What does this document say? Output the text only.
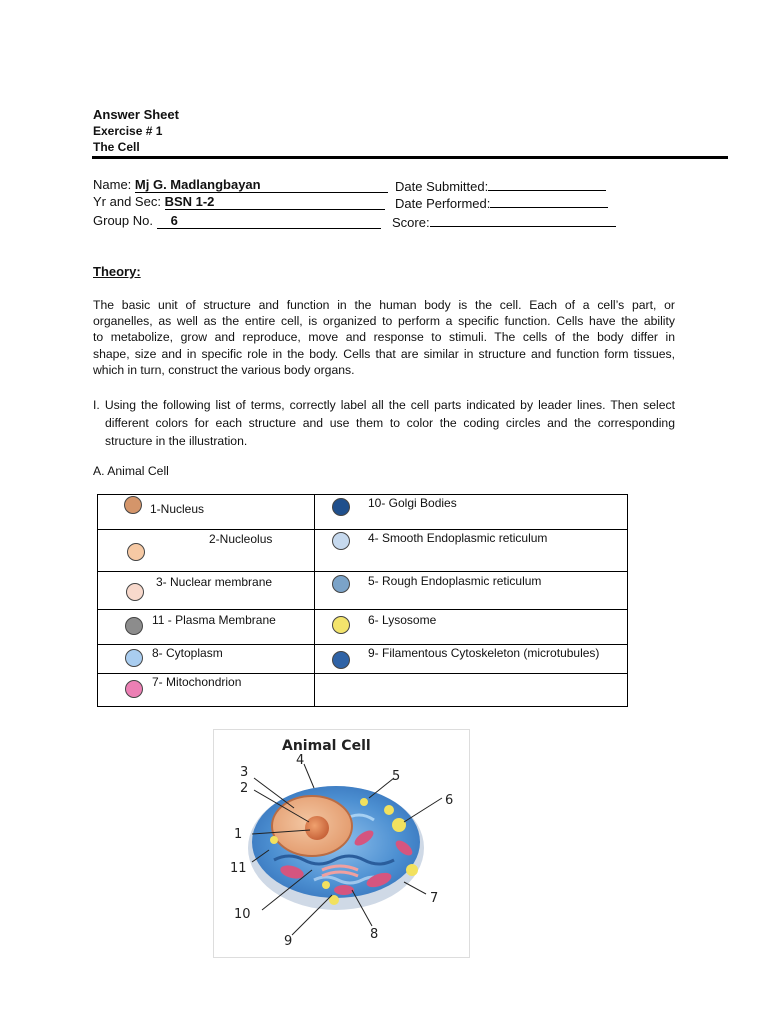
Answer Sheet
Exercise # 1
The Cell
Name: Mj G. Madlangbayan	Date Submitted:
Yr and Sec: BSN 1-2	Date Performed:
Group No. 6	Score:
Theory:
The basic unit of structure and function in the human body is the cell. Each of a cell’s part, or
organelles, as well as the entire cell, is organized to perform a specific function. Cells have the ability
to metabolize, grow and reproduce, move and response to stimuli. The cells of the body differ in
shape, size and in specific role in the body. Cells that are similar in structure and function form tissues,
which in turn, construct the various body organs.
I. Using the following list of terms, correctly label all the cell parts indicated by leader lines. Then select
different colors for each structure and use them to color the coding circles and the corresponding
structure in the illustration.
A. Animal Cell
1-Nucleus	10- Golgi Bodies

2-Nucleolus	4- Smooth Endoplasmic reticulum

3- Nuclear membrane	5- Rough Endoplasmic reticulum

11 - Plasma Membrane	6- Lysosome

8- Cytoplasm	9- Filamentous Cytoskeleton (microtubules)

7- Mitochondrion	

Animal Cell
3
2
1
4
5
6
11
7
10
9	8
